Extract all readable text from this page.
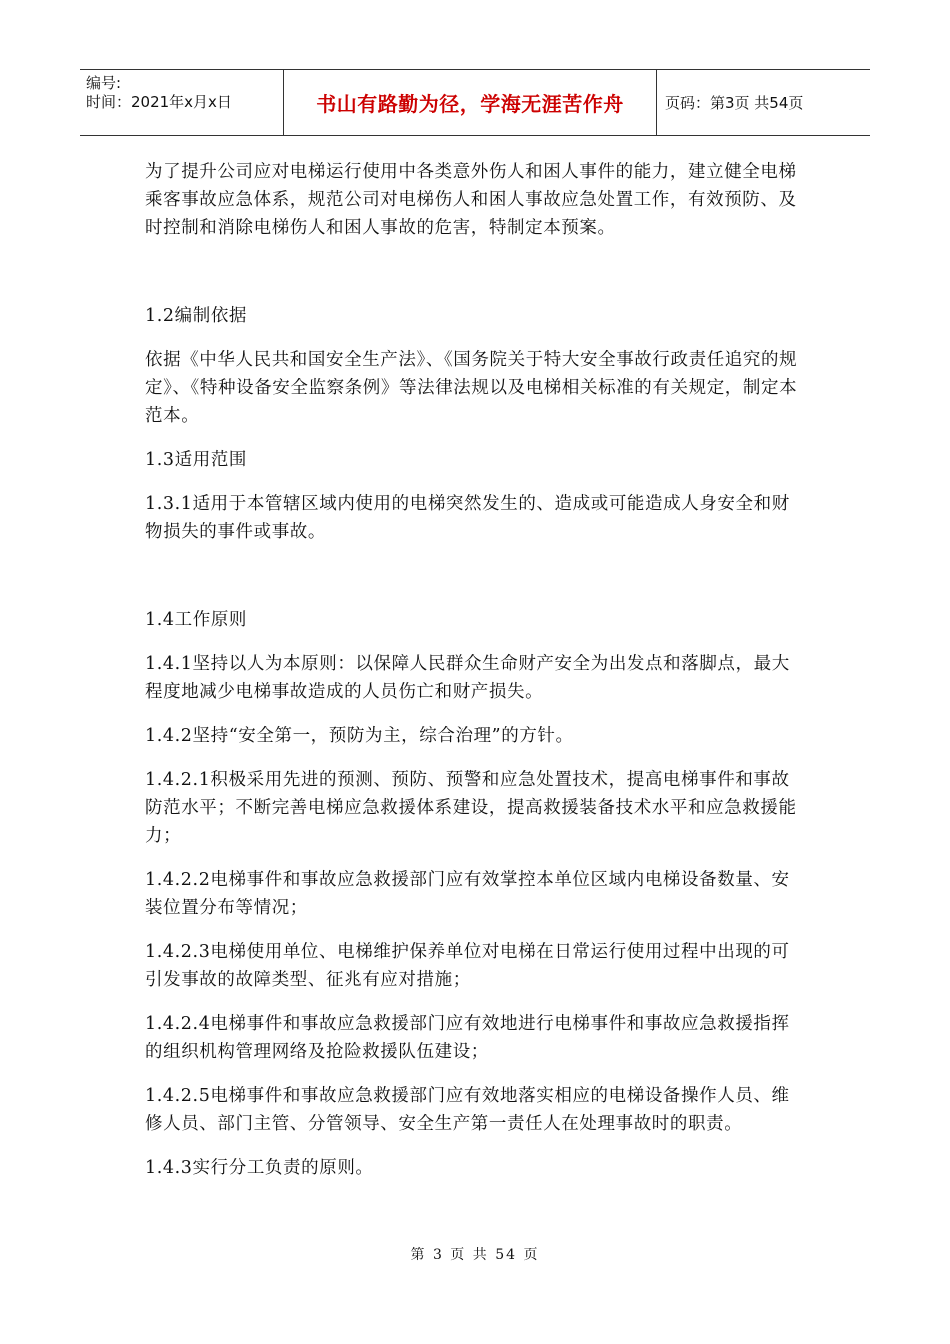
编号:
时间：2021年x月x日	书山有路勤为径，学海无涯苦作舟	页码：第3页 共54页

为了提升公司应对电梯运行使用中各类意外伤人和困人事件的能力，建立健全电梯乘客事故应急体系，规范公司对电梯伤人和困人事故应急处置工作，有效预防、及时控制和消除电梯伤人和困人事故的危害，特制定本预案。

1.2编制依据

依据《中华人民共和国安全生产法》、《国务院关于特大安全事故行政责任追究的规定》、《特种设备安全监察条例》等法律法规以及电梯相关标准的有关规定，制定本范本。

1.3适用范围

1.3.1适用于本管辖区域内使用的电梯突然发生的、造成或可能造成人身安全和财物损失的事件或事故。

1.4工作原则

1.4.1坚持以人为本原则：以保障人民群众生命财产安全为出发点和落脚点，最大程度地减少电梯事故造成的人员伤亡和财产损失。

1.4.2坚持“安全第一，预防为主，综合治理”的方针。

1.4.2.1积极采用先进的预测、预防、预警和应急处置技术，提高电梯事件和事故防范水平；不断完善电梯应急救援体系建设，提高救援装备技术水平和应急救援能力；

1.4.2.2电梯事件和事故应急救援部门应有效掌控本单位区域内电梯设备数量、安装位置分布等情况；

1.4.2.3电梯使用单位、电梯维护保养单位对电梯在日常运行使用过程中出现的可引发事故的故障类型、征兆有应对措施；

1.4.2.4电梯事件和事故应急救援部门应有效地进行电梯事件和事故应急救援指挥的组织机构管理网络及抢险救援队伍建设；

1.4.2.5电梯事件和事故应急救援部门应有效地落实相应的电梯设备操作人员、维修人员、部门主管、分管领导、安全生产第一责任人在处理事故时的职责。

1.4.3实行分工负责的原则。

第 3 页 共 54 页
